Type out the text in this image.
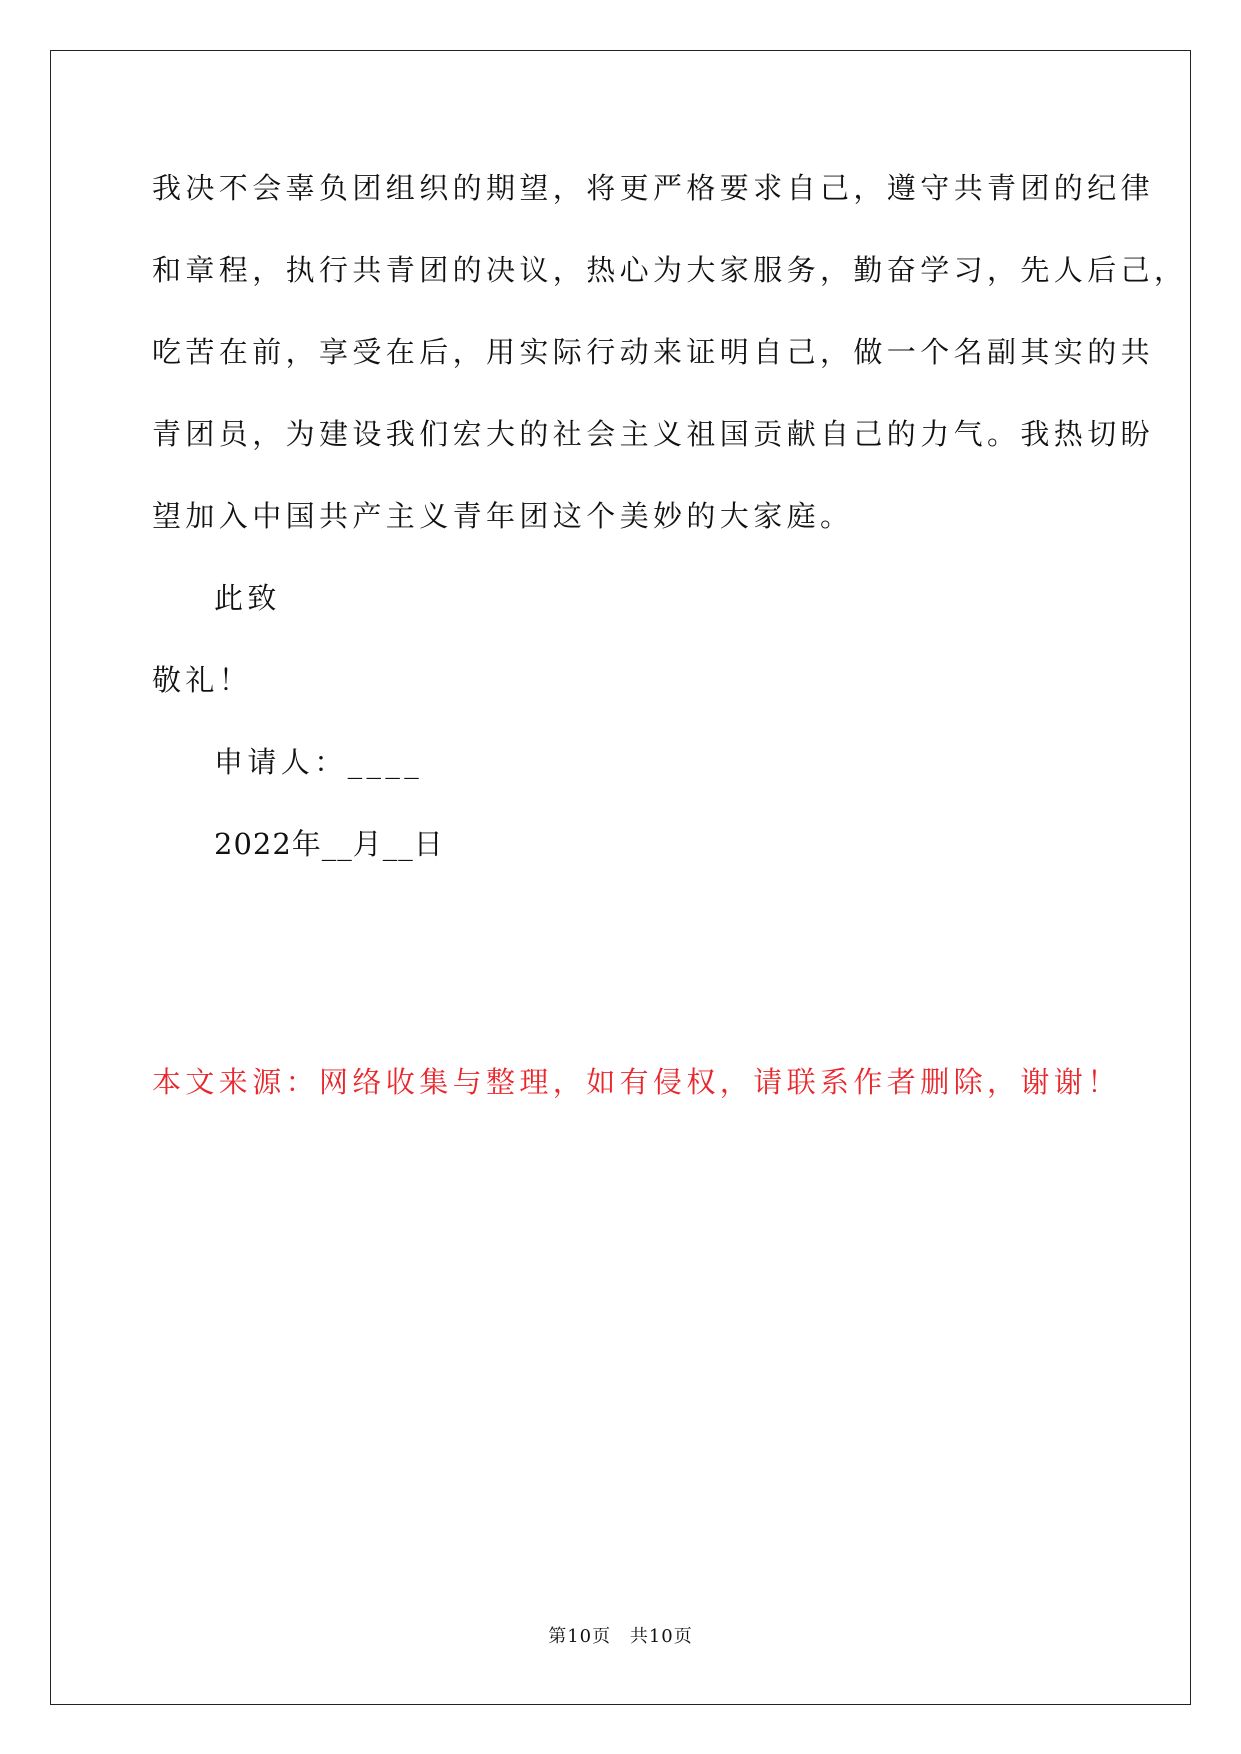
我决不会辜负团组织的期望，将更严格要求自己，遵守共青团的纪律
和章程，执行共青团的决议，热心为大家服务，勤奋学习，先人后己，
吃苦在前，享受在后，用实际行动来证明自己，做一个名副其实的共
青团员，为建设我们宏大的社会主义祖国贡献自己的力气。我热切盼
望加入中国共产主义青年团这个美妙的大家庭。
此致
敬礼！
申请人：____
2022年__月__日
本文来源：网络收集与整理，如有侵权，请联系作者删除，谢谢！
第10页 共10页
